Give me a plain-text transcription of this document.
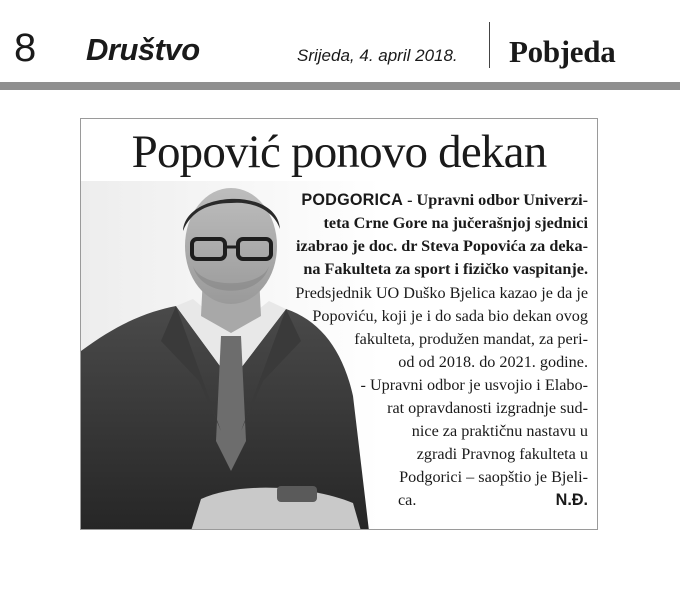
8 Društvo	Srijeda, 4. april 2018. Pobjeda
Popović ponovo dekan
PODGORICA - Upravni odbor Univerzi-
teta Crne Gore na jučerašnjoj sjednici
izabrao je doc. dr Steva Popovića za deka-
na Fakulteta za sport i fizičko vaspitanje.
Predsjednik UO Duško Bjelica kazao je da je
Popoviću, koji je i do sada bio dekan ovog
fakulteta, produžen mandat, za peri-
od od 2018. do 2021. godine.
- Upravni odbor je usvojio i Elabo-
rat opravdanosti izgradnje sud-
nice za praktičnu nastavu u
zgradi Pravnog fakulteta u
Podgorici – saopštio je Bjeli-
ca.	N.Đ.
